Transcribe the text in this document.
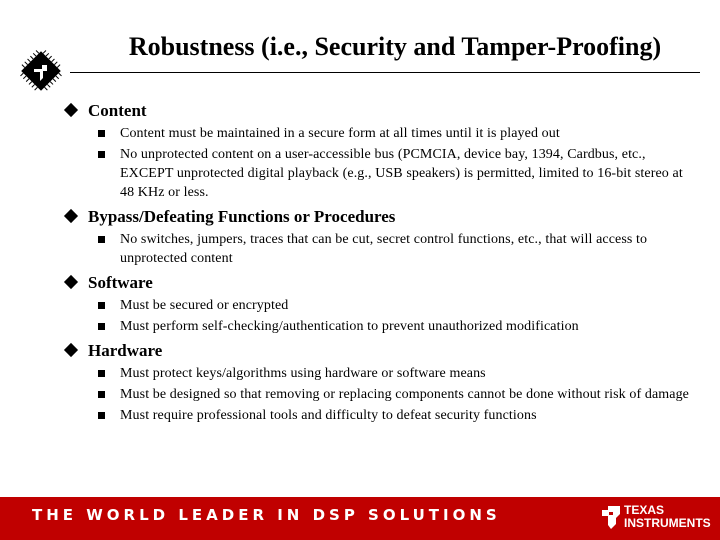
Robustness (i.e., Security and Tamper-Proofing)
Content
Content must be maintained in a secure form at all times until it is played out
No unprotected content on a user-accessible bus (PCMCIA, device bay, 1394, Cardbus, etc., EXCEPT unprotected digital playback (e.g., USB speakers) is permitted, limited to 16-bit stereo at 48 KHz or less.
Bypass/Defeating Functions or Procedures
No switches, jumpers, traces that can be cut, secret control functions, etc., that will access to unprotected content
Software
Must be secured or encrypted
Must perform self-checking/authentication to prevent unauthorized modification
Hardware
Must protect keys/algorithms using hardware or software means
Must be designed so that removing or replacing components cannot be done without risk of damage
Must require professional tools and difficulty to defeat security functions
THE WORLD LEADER IN DSP SOLUTIONS	TEXAS
INSTRUMENTS
